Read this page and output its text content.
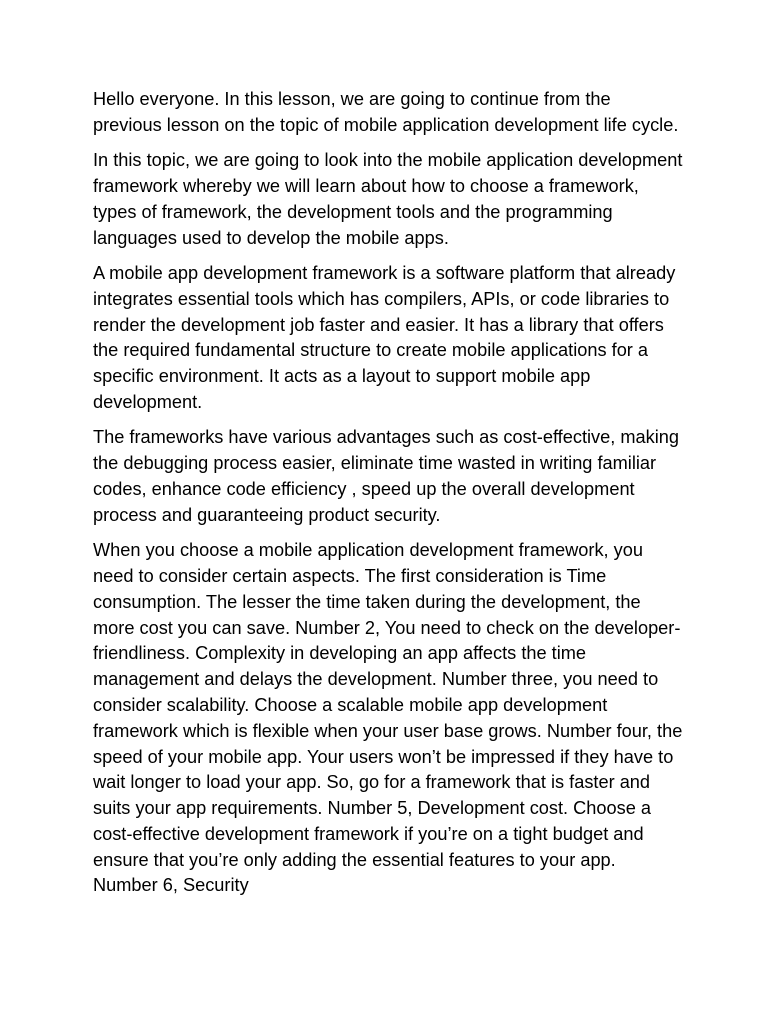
Hello everyone. In this lesson, we are going to continue from the previous lesson on the topic of mobile application development life cycle.

In this topic, we are going to look into the mobile application development framework whereby we will learn about how to choose a framework, types of framework, the development tools and the programming languages used to develop the mobile apps.

A mobile app development framework is a software platform that already integrates essential tools which has compilers, APIs, or code libraries to render the development job faster and easier. It has a library that offers the required fundamental structure to create mobile applications for a specific environment. It acts as a layout to support mobile app development.

The frameworks have various advantages such as cost-effective, making the debugging process easier, eliminate time wasted in writing familiar codes, enhance code efficiency , speed up the overall development process and guaranteeing product security.

When you choose a mobile application development framework, you need to consider certain aspects. The first consideration is Time consumption. The lesser the time taken during the development, the more cost you can save. Number 2, You need to check on the developer-friendliness. Complexity in developing an app affects the time management and delays the development. Number three, you need to consider scalability. Choose a scalable mobile app development framework which is flexible when your user base grows. Number four, the speed of your mobile app. Your users won’t be impressed if they have to wait longer to load your app. So, go for a framework that is faster and suits your app requirements. Number 5, Development cost. Choose a cost-effective development framework if you’re on a tight budget and ensure that you’re only adding the essential features to your app. Number 6, Security
